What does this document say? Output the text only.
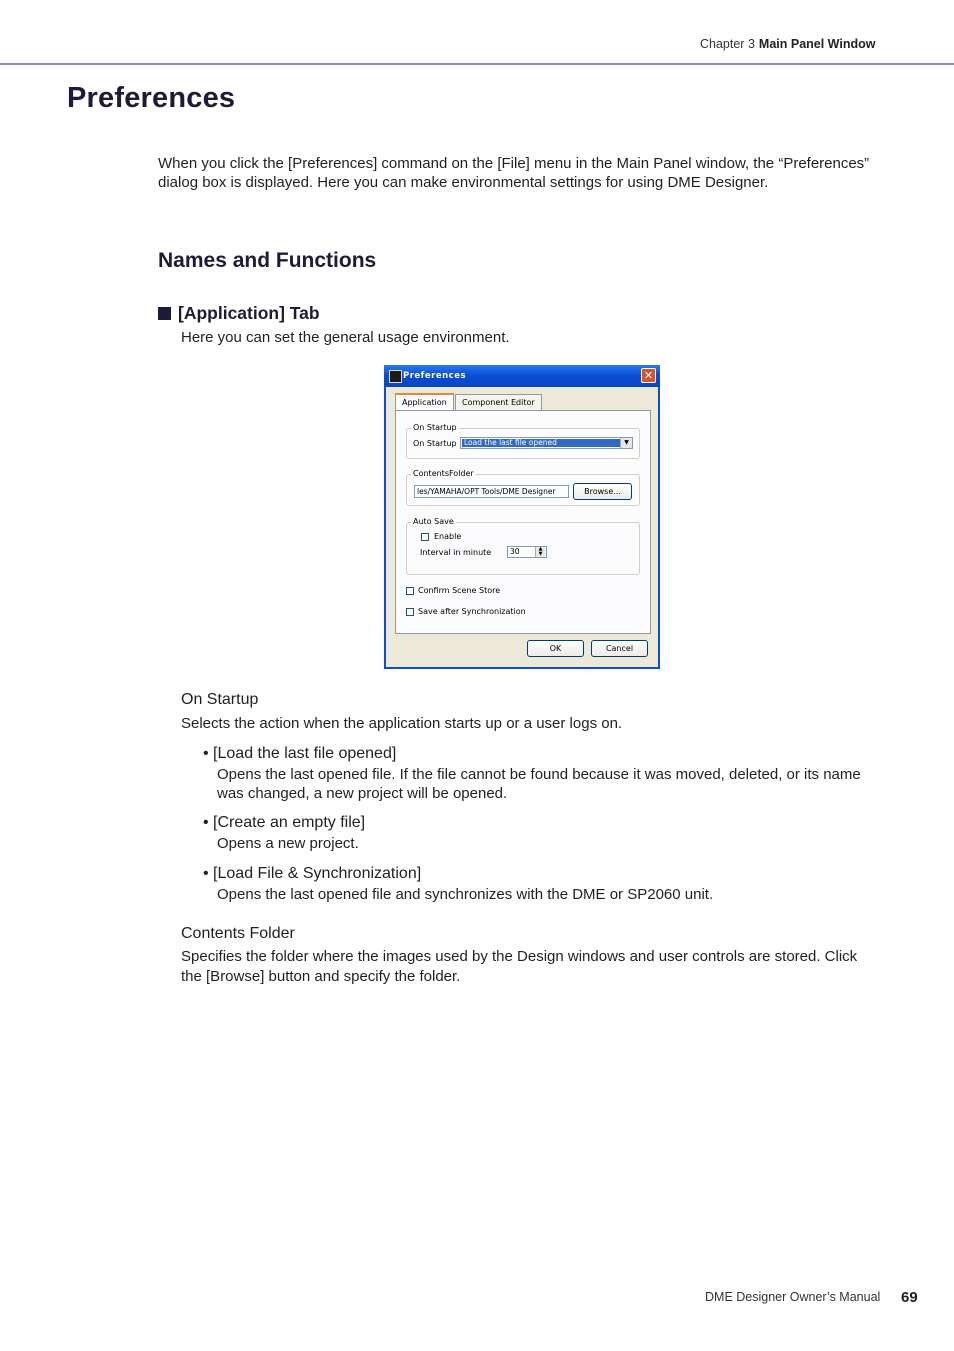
Chapter 3 Main Panel Window
Preferences
When you click the [Preferences] command on the [File] menu in the Main Panel window, the “Preferences” dialog box is displayed. Here you can make environmental settings for using DME Designer.
Names and Functions
[Application] Tab
Here you can set the general usage environment.
Preferences	✕
Application	Component Editor
On Startup
On Startup Load the last file opened	▼
ContentsFolder
les/YAMAHA/OPT Tools/DME Designer	Browse...
Auto Save
Enable
Interval in minute	30	▲
▼
Confirm Scene Store
Save after Synchronization
OK	Cancel
On Startup
Selects the action when the application starts up or a user logs on.
• [Load the last file opened]
Opens the last opened file. If the file cannot be found because it was moved, deleted, or its name was changed, a new project will be opened.
• [Create an empty file]
Opens a new project.
• [Load File & Synchronization]
Opens the last opened file and synchronizes with the DME or SP2060 unit.
Contents Folder
Specifies the folder where the images used by the Design windows and user controls are stored. Click the [Browse] button and specify the folder.
DME Designer Owner’s Manual 69
